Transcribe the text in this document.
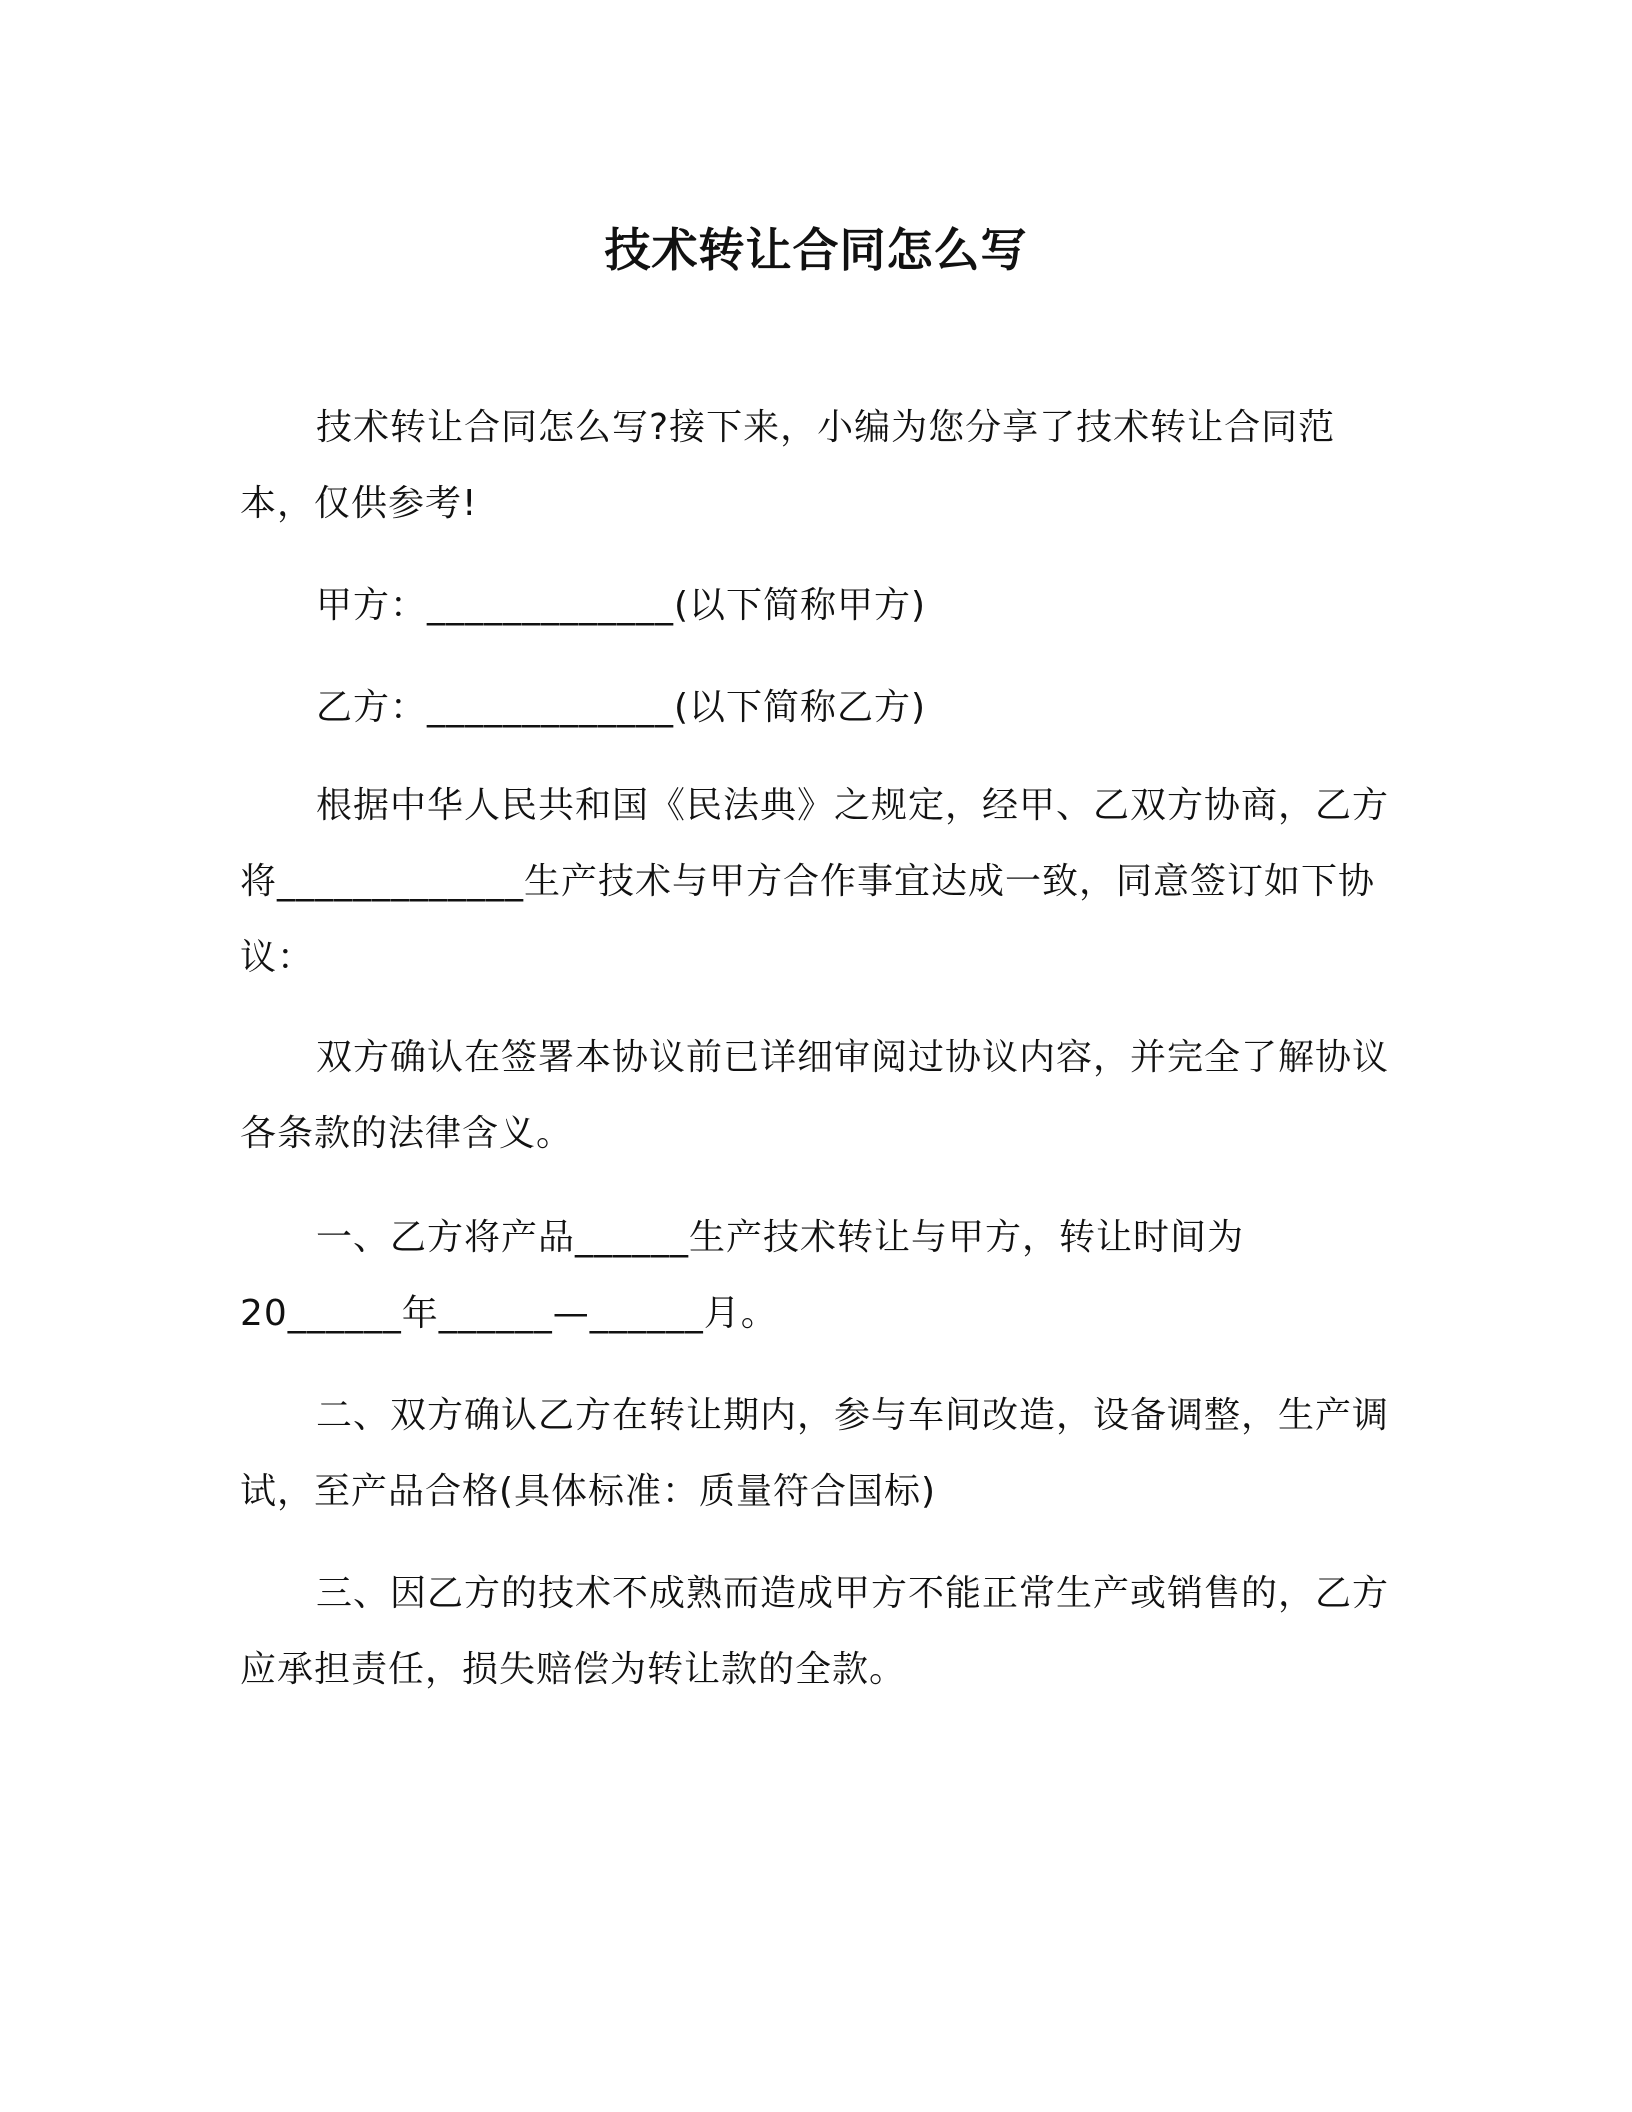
技术转让合同怎么写

技术转让合同怎么写?接下来，小编为您分享了技术转让合同范本，仅供参考!

甲方：_____________(以下简称甲方)

乙方：_____________(以下简称乙方)

根据中华人民共和国《民法典》之规定，经甲、乙双方协商，乙方将_____________生产技术与甲方合作事宜达成一致，同意签订如下协议：

双方确认在签署本协议前已详细审阅过协议内容，并完全了解协议各条款的法律含义。

一、乙方将产品______生产技术转让与甲方，转让时间为20______年______—______月。

二、双方确认乙方在转让期内，参与车间改造，设备调整，生产调试，至产品合格(具体标准：质量符合国标)

三、因乙方的技术不成熟而造成甲方不能正常生产或销售的，乙方应承担责任，损失赔偿为转让款的全款。
